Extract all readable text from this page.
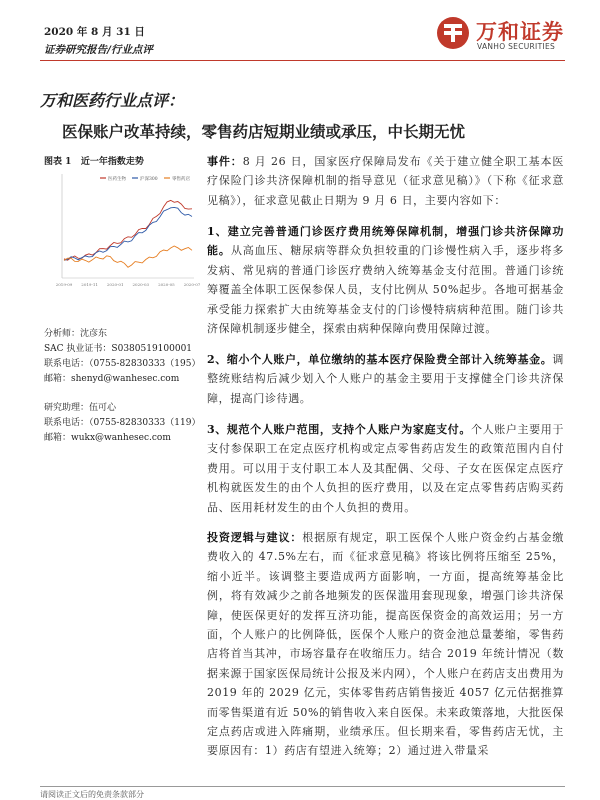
2020 年 8 月 31 日
证券研究报告/行业点评
万和证券
VANHO SECURITIES
万和医药行业点评：
医保账户改革持续，零售药店短期业绩或承压，中长期无忧
图表 1 近一年指数走势
医药生物	沪深300	零售药店
2019-09 2019-11 2020-01 2020-03 2020-05 2020-07
分析师：沈彦东
SAC 执业证书：S0380519100001
联系电话：（0755-82830333（195）
邮箱：shenyd@wanhesec.com
研究助理：伍可心
联系电话：（0755-82830333（119）
邮箱：wukx@wanhesec.com

事件：8 月 26 日，国家医疗保障局发布《关于建立健全职工基本医疗保险门诊共济保障机制的指导意见（征求意见稿）》（下称《征求意见稿》），征求意见截止日期为 9 月 6 日，主要内容如下：

1、建立完善普通门诊医疗费用统筹保障机制，增强门诊共济保障功能。从高血压、糖尿病等群众负担较重的门诊慢性病入手，逐步将多发病、常见病的普通门诊医疗费纳入统筹基金支付范围。普通门诊统筹覆盖全体职工医保参保人员，支付比例从 50%起步。各地可据基金承受能力探索扩大由统筹基金支付的门诊慢特病病种范围。随门诊共济保障机制逐步健全，探索由病种保障向费用保障过渡。

2、缩小个人账户，单位缴纳的基本医疗保险费全部计入统筹基金。调整统账结构后减少划入个人账户的基金主要用于支撑健全门诊共济保障，提高门诊待遇。

3、规范个人账户范围，支持个人账户为家庭支付。个人账户主要用于支付参保职工在定点医疗机构或定点零售药店发生的政策范围内自付费用。可以用于支付职工本人及其配偶、父母、子女在医保定点医疗机构就医发生的由个人负担的医疗费用，以及在定点零售药店购买药品、医用耗材发生的由个人负担的费用。

投资逻辑与建议：根据原有规定，职工医保个人账户资金约占基金缴费收入的 47.5%左右，而《征求意见稿》将该比例将压缩至 25%，缩小近半。该调整主要造成两方面影响，一方面，提高统筹基金比例，将有效减少之前各地频发的医保滥用套现现象，增强门诊共济保障，使医保更好的发挥互济功能，提高医保资金的高效运用；另一方面，个人账户的比例降低，医保个人账户的资金池总量萎缩，零售药店将首当其冲，市场容量存在收缩压力。结合 2019 年统计情况（数据来源于国家医保局统计公报及米内网），个人账户在药店支出费用为 2019 年的 2029 亿元，实体零售药店销售接近 4057 亿元估据推算而零售渠道有近 50%的销售收入来自医保。未来政策落地，大批医保定点药店或进入阵痛期，业绩承压。但长期来看，零售药店无忧，主要原因有：1）药店有望进入统筹；2）通过进入带量采

请阅读正文后的免责条款部分
